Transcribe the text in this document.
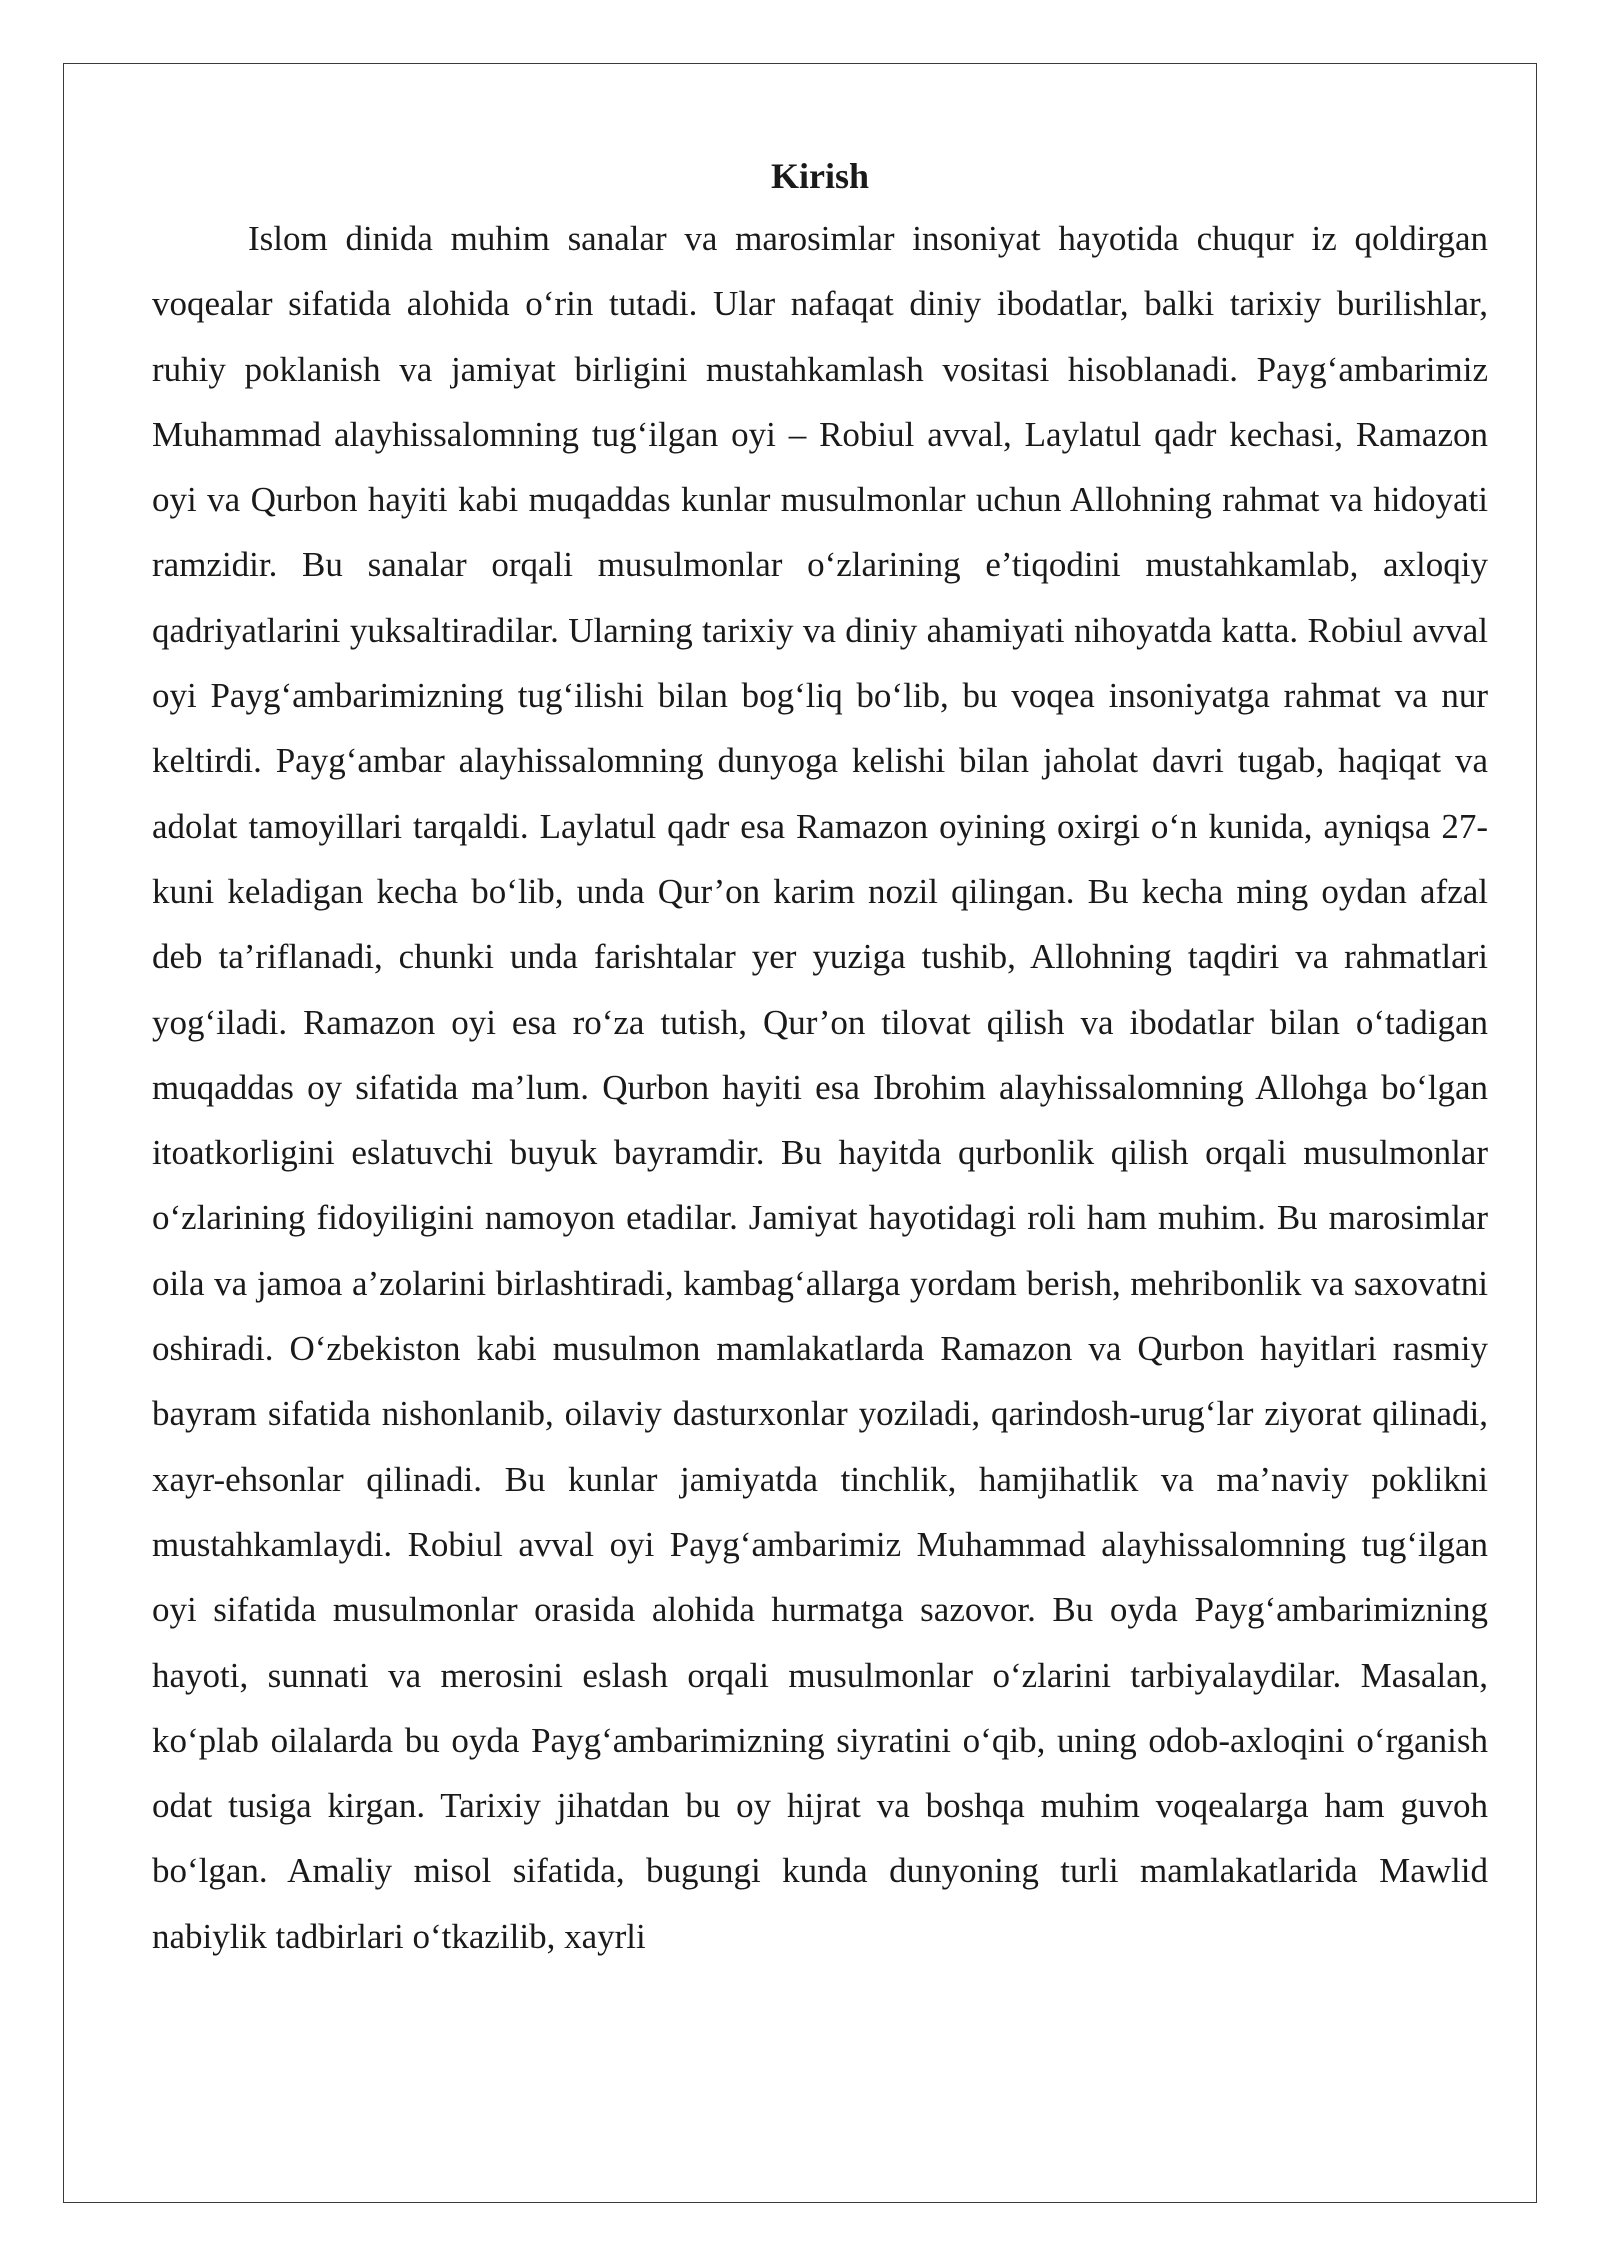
Kirish

Islom dinida muhim sanalar va marosimlar insoniyat hayotida chuqur iz qoldirgan voqealar sifatida alohida o‘rin tutadi. Ular nafaqat diniy ibodatlar, balki tarixiy burilishlar, ruhiy poklanish va jamiyat birligini mustahkamlash vositasi hisoblanadi. Payg‘ambarimiz Muhammad alayhissalomning tug‘ilgan oyi – Robiul avval, Laylatul qadr kechasi, Ramazon oyi va Qurbon hayiti kabi muqaddas kunlar musulmonlar uchun Allohning rahmat va hidoyati ramzidir. Bu sanalar orqali musulmonlar o‘zlarining e’tiqodini mustahkamlab, axloqiy qadriyatlarini yuksaltiradilar. Ularning tarixiy va diniy ahamiyati nihoyatda katta. Robiul avval oyi Payg‘ambarimizning tug‘ilishi bilan bog‘liq bo‘lib, bu voqea insoniyatga rahmat va nur keltirdi. Payg‘ambar alayhissalomning dunyoga kelishi bilan jaholat davri tugab, haqiqat va adolat tamoyillari tarqaldi. Laylatul qadr esa Ramazon oyining oxirgi o‘n kunida, ayniqsa 27-kuni keladigan kecha bo‘lib, unda Qur’on karim nozil qilingan. Bu kecha ming oydan afzal deb ta’riflanadi, chunki unda farishtalar yer yuziga tushib, Allohning taqdiri va rahmatlari yog‘iladi. Ramazon oyi esa ro‘za tutish, Qur’on tilovat qilish va ibodatlar bilan o‘tadigan muqaddas oy sifatida ma’lum. Qurbon hayiti esa Ibrohim alayhissalomning Allohga bo‘lgan itoatkorligini eslatuvchi buyuk bayramdir. Bu hayitda qurbonlik qilish orqali musulmonlar o‘zlarining fidoyiligini namoyon etadilar. Jamiyat hayotidagi roli ham muhim. Bu marosimlar oila va jamoa a’zolarini birlashtiradi, kambag‘allarga yordam berish, mehribonlik va saxovatni oshiradi. O‘zbekiston kabi musulmon mamlakatlarda Ramazon va Qurbon hayitlari rasmiy bayram sifatida nishonlanib, oilaviy dasturxonlar yoziladi, qarindosh-urug‘lar ziyorat qilinadi, xayr-ehsonlar qilinadi. Bu kunlar jamiyatda tinchlik, hamjihatlik va ma’naviy poklikni mustahkamlaydi. Robiul avval oyi Payg‘ambarimiz Muhammad alayhissalomning tug‘ilgan oyi sifatida musulmonlar orasida alohida hurmatga sazovor. Bu oyda Payg‘ambarimizning hayoti, sunnati va merosini eslash orqali musulmonlar o‘zlarini tarbiyalaydilar. Masalan, ko‘plab oilalarda bu oyda Payg‘ambarimizning siyratini o‘qib, uning odob-axloqini o‘rganish odat tusiga kirgan. Tarixiy jihatdan bu oy hijrat va boshqa muhim voqealarga ham guvoh bo‘lgan. Amaliy misol sifatida, bugungi kunda dunyoning turli mamlakatlarida Mawlid nabiylik tadbirlari o‘tkazilib, xayrli
